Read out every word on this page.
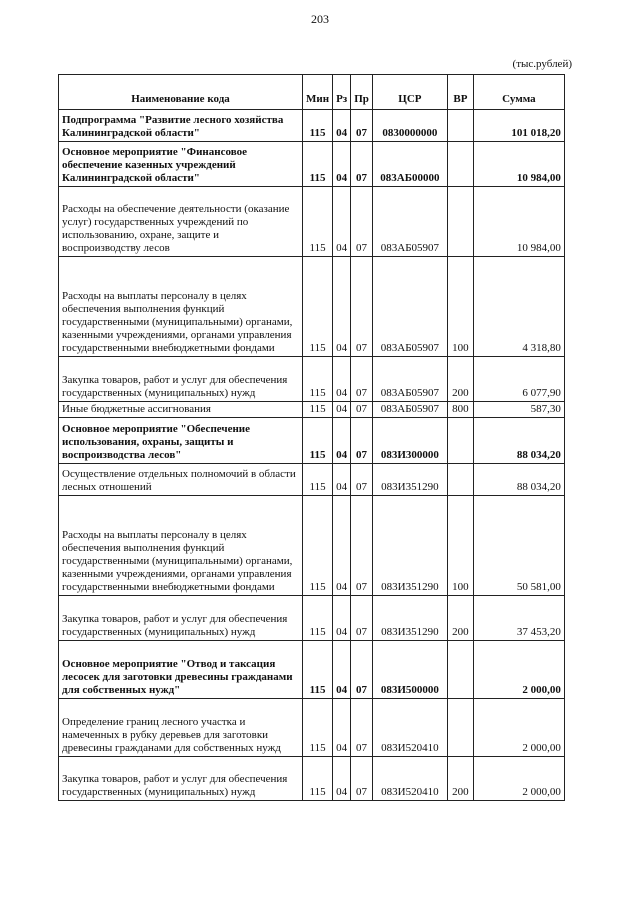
203
(тыс.рублей)
Наименование кода	Мин	Рз	Пр	ЦСР	ВР	Сумма
Подпрограмма "Развитие лесного хозяйства Калининградской области"	115	04	07	0830000000		101 018,20
Основное мероприятие "Финансовое обеспечение казенных учреждений Калининградской области"	115	04	07	083АБ00000		10 984,00
Расходы на обеспечение деятельности (оказание услуг) государственных учреждений по использованию, охране, защите и воспроизводству лесов	115	04	07	083АБ05907		10 984,00
Расходы на выплаты персоналу в целях обеспечения выполнения функций государственными (муниципальными) органами, казенными учреждениями, органами управления государственными внебюджетными фондами	115	04	07	083АБ05907	100	4 318,80
Закупка товаров, работ и услуг для обеспечения государственных (муниципальных) нужд	115	04	07	083АБ05907	200	6 077,90
Иные бюджетные ассигнования	115	04	07	083АБ05907	800	587,30
Основное мероприятие "Обеспечение использования, охраны, защиты и воспроизводства лесов"	115	04	07	083И300000		88 034,20
Осуществление отдельных полномочий в области лесных отношений	115	04	07	083И351290		88 034,20
Расходы на выплаты персоналу в целях обеспечения выполнения функций государственными (муниципальными) органами, казенными учреждениями, органами управления государственными внебюджетными фондами	115	04	07	083И351290	100	50 581,00
Закупка товаров, работ и услуг для обеспечения государственных (муниципальных) нужд	115	04	07	083И351290	200	37 453,20
Основное мероприятие "Отвод и таксация лесосек для заготовки древесины гражданами для собственных нужд"	115	04	07	083И500000		2 000,00
Определение границ лесного участка и намеченных в рубку деревьев для заготовки древесины гражданами для собственных нужд	115	04	07	083И520410		2 000,00
Закупка товаров, работ и услуг для обеспечения государственных (муниципальных) нужд	115	04	07	083И520410	200	2 000,00
